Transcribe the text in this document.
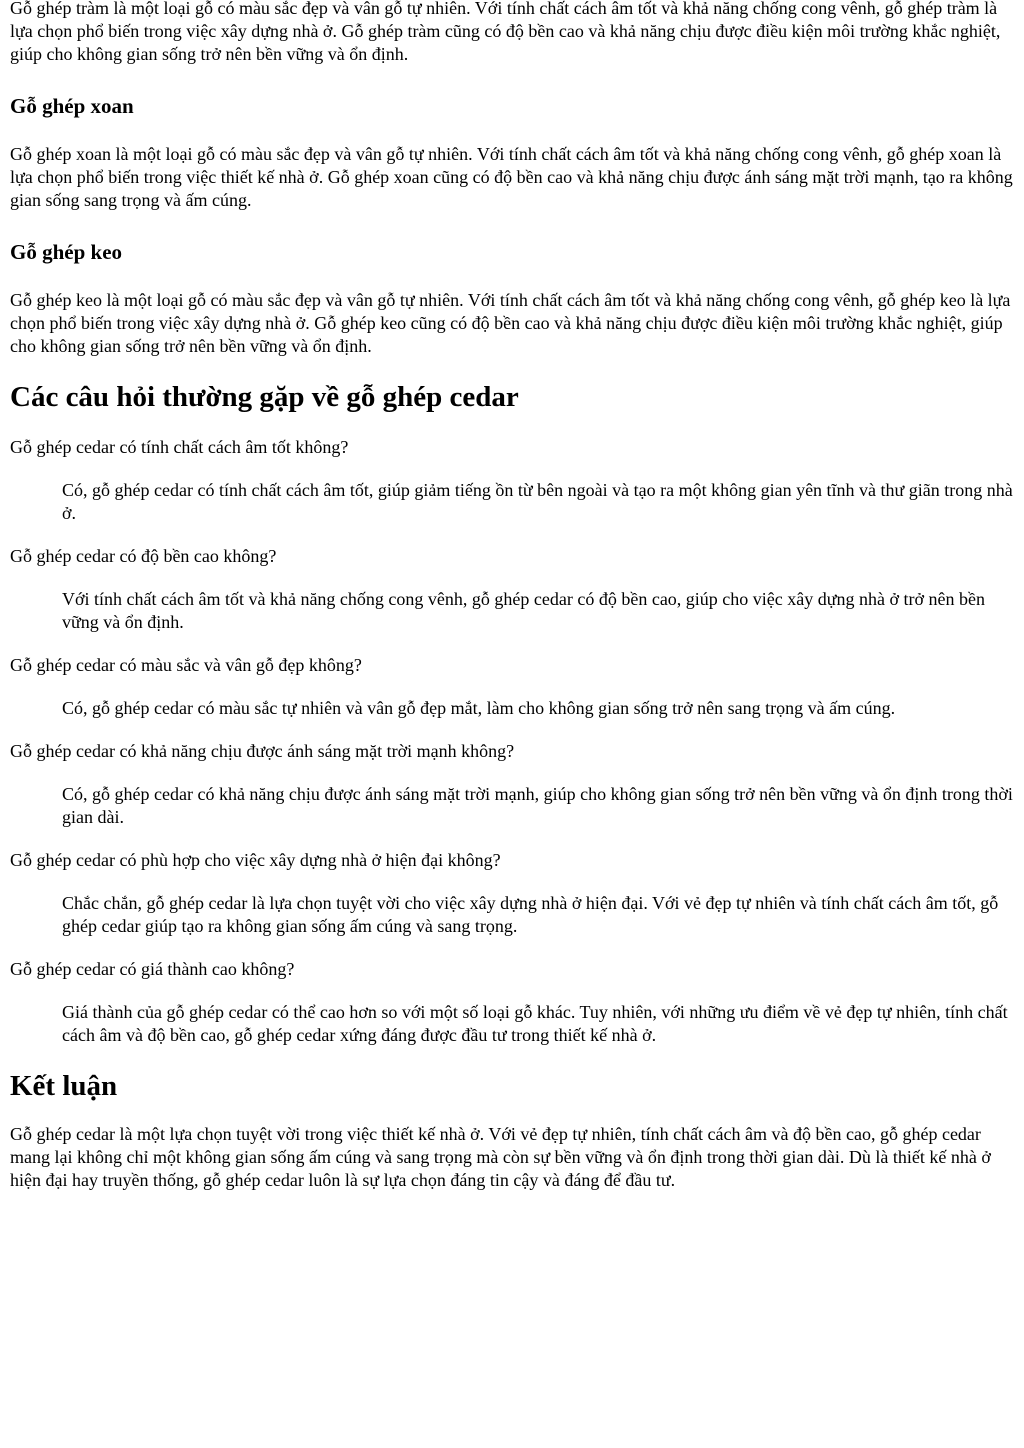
Gỗ ghép tràm là một loại gỗ có màu sắc đẹp và vân gỗ tự nhiên. Với tính chất cách âm tốt và khả năng chống cong vênh, gỗ ghép tràm là lựa chọn phổ biến trong việc xây dựng nhà ở. Gỗ ghép tràm cũng có độ bền cao và khả năng chịu được điều kiện môi trường khắc nghiệt, giúp cho không gian sống trở nên bền vững và ổn định.

Gỗ ghép xoan

Gỗ ghép xoan là một loại gỗ có màu sắc đẹp và vân gỗ tự nhiên. Với tính chất cách âm tốt và khả năng chống cong vênh, gỗ ghép xoan là lựa chọn phổ biến trong việc thiết kế nhà ở. Gỗ ghép xoan cũng có độ bền cao và khả năng chịu được ánh sáng mặt trời mạnh, tạo ra không gian sống sang trọng và ấm cúng.

Gỗ ghép keo

Gỗ ghép keo là một loại gỗ có màu sắc đẹp và vân gỗ tự nhiên. Với tính chất cách âm tốt và khả năng chống cong vênh, gỗ ghép keo là lựa chọn phổ biến trong việc xây dựng nhà ở. Gỗ ghép keo cũng có độ bền cao và khả năng chịu được điều kiện môi trường khắc nghiệt, giúp cho không gian sống trở nên bền vững và ổn định.

Các câu hỏi thường gặp về gỗ ghép cedar

Gỗ ghép cedar có tính chất cách âm tốt không?

Có, gỗ ghép cedar có tính chất cách âm tốt, giúp giảm tiếng ồn từ bên ngoài và tạo ra một không gian yên tĩnh và thư giãn trong nhà ở.

Gỗ ghép cedar có độ bền cao không?

Với tính chất cách âm tốt và khả năng chống cong vênh, gỗ ghép cedar có độ bền cao, giúp cho việc xây dựng nhà ở trở nên bền vững và ổn định.

Gỗ ghép cedar có màu sắc và vân gỗ đẹp không?

Có, gỗ ghép cedar có màu sắc tự nhiên và vân gỗ đẹp mắt, làm cho không gian sống trở nên sang trọng và ấm cúng.

Gỗ ghép cedar có khả năng chịu được ánh sáng mặt trời mạnh không?

Có, gỗ ghép cedar có khả năng chịu được ánh sáng mặt trời mạnh, giúp cho không gian sống trở nên bền vững và ổn định trong thời gian dài.

Gỗ ghép cedar có phù hợp cho việc xây dựng nhà ở hiện đại không?

Chắc chắn, gỗ ghép cedar là lựa chọn tuyệt vời cho việc xây dựng nhà ở hiện đại. Với vẻ đẹp tự nhiên và tính chất cách âm tốt, gỗ ghép cedar giúp tạo ra không gian sống ấm cúng và sang trọng.

Gỗ ghép cedar có giá thành cao không?

Giá thành của gỗ ghép cedar có thể cao hơn so với một số loại gỗ khác. Tuy nhiên, với những ưu điểm về vẻ đẹp tự nhiên, tính chất cách âm và độ bền cao, gỗ ghép cedar xứng đáng được đầu tư trong thiết kế nhà ở.

Kết luận

Gỗ ghép cedar là một lựa chọn tuyệt vời trong việc thiết kế nhà ở. Với vẻ đẹp tự nhiên, tính chất cách âm và độ bền cao, gỗ ghép cedar mang lại không chỉ một không gian sống ấm cúng và sang trọng mà còn sự bền vững và ổn định trong thời gian dài. Dù là thiết kế nhà ở hiện đại hay truyền thống, gỗ ghép cedar luôn là sự lựa chọn đáng tin cậy và đáng để đầu tư.
